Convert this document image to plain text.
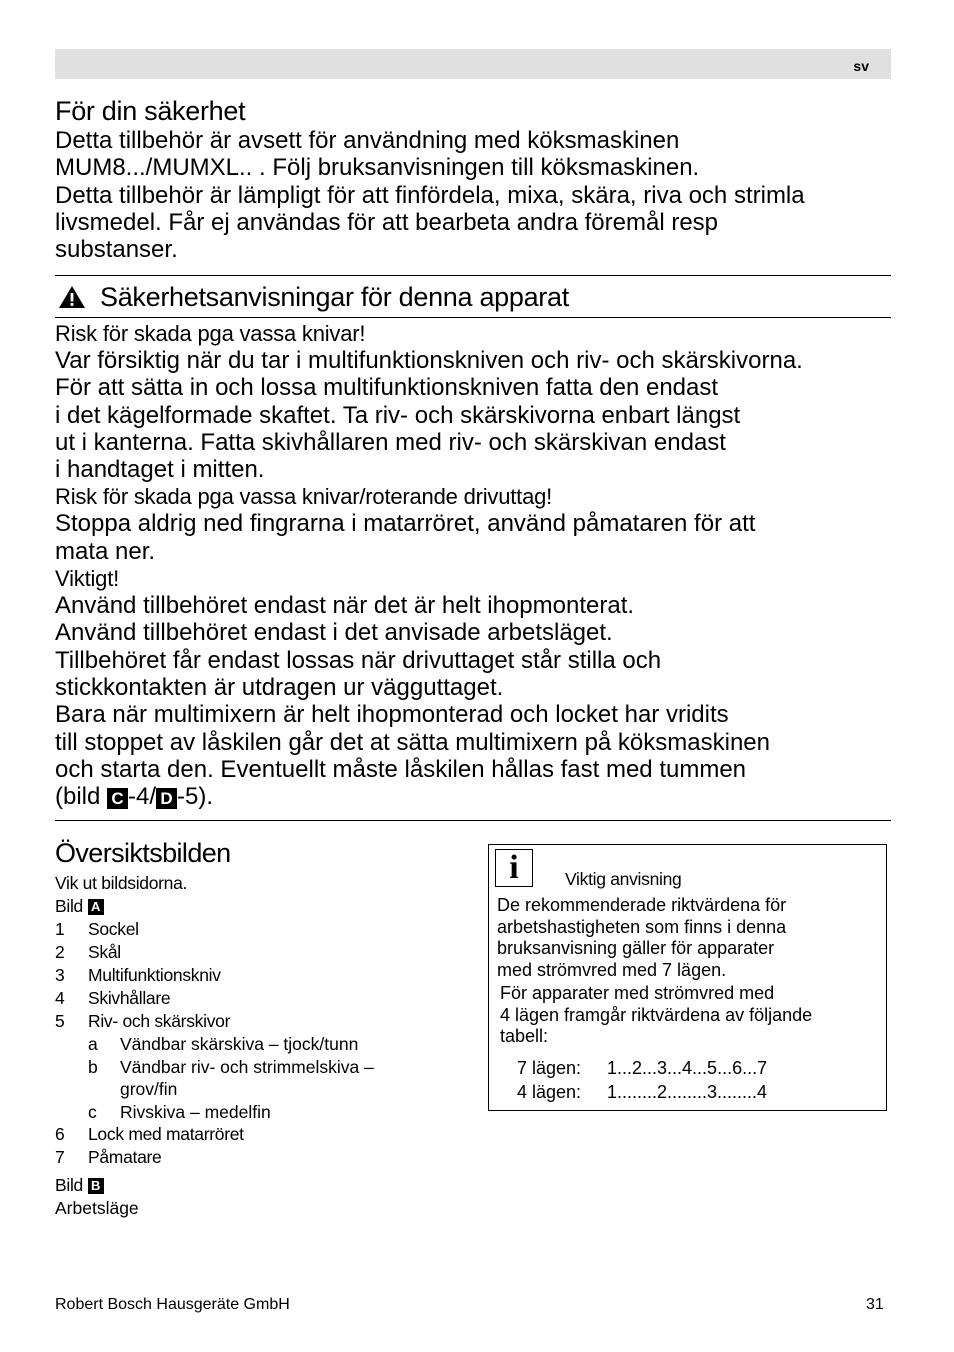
sv
För din säkerhet

Detta tillbehör är avsett för användning med köksmaskinen

MUM8.../MUMXL.. . Följ bruksanvisningen till köksmaskinen.

Detta tillbehör är lämpligt för att finfördela, mixa, skära, riva och strimla

livsmedel. Får ej användas för att bearbeta andra föremål resp

substanser.

Säkerhetsanvisningar för denna apparat

Risk för skada pga vassa knivar!

Var försiktig när du tar i multifunktionskniven och riv- och skärskivorna.

För att sätta in och lossa multifunktionskniven fatta den endast

i det kägelformade skaftet. Ta riv- och skärskivorna enbart längst

ut i kanterna. Fatta skivhållaren med riv- och skärskivan endast

i handtaget i mitten.

Risk för skada pga vassa knivar/roterande drivuttag!

Stoppa aldrig ned fingrarna i matarröret, använd påmataren för att

mata ner.

Viktigt!

Använd tillbehöret endast när det är helt ihopmonterat.

Använd tillbehöret endast i det anvisade arbetsläget.

Tillbehöret får endast lossas när drivuttaget står stilla och

stickkontakten är utdragen ur vägguttaget.

Bara när multimixern är helt ihopmonterad och locket har vridits

till stoppet av låskilen går det at sätta multimixern på köksmaskinen

och starta den. Eventuellt måste låskilen hållas fast med tummen

(bild C -4/ D -5).

Översiktsbilden

Vik ut bildsidorna.

Bild A

1 Sockel

2 Skål

3 Multifunktionskniv

4 Skivhållare

5 Riv- och skärskivor

a Vändbar skärskiva – tjock/tunn

b Vändbar riv- och strimmelskiva –

grov/fin

c Rivskiva – medelfin

6 Lock med matarröret

7 Påmatare

Bild B

Arbetsläge

i	Viktig anvisning

De rekommenderade riktvärdena för

arbetshastigheten som finns i denna

bruksanvisning gäller för apparater

med strömvred med 7 lägen.

För apparater med strömvred med

4 lägen framgår riktvärdena av följande

tabell:

7 lägen: 1...2...3...4...5...6...7

4 lägen: 1........2........3........4

Robert Bosch Hausgeräte GmbH	31
